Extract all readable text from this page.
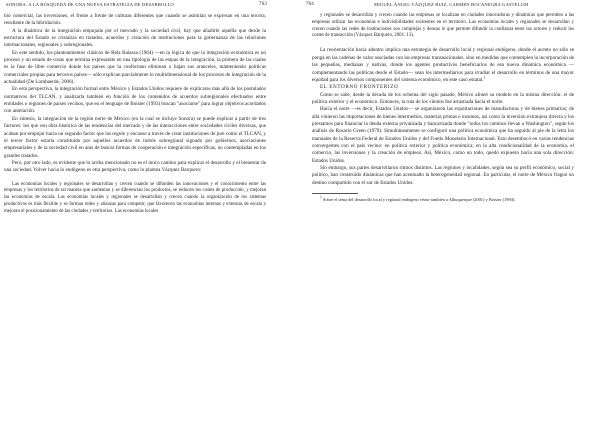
SONORA: A LA BÚSQUEDA DE UNA NUEVA ESTRATEGIA DE DESARROLLO	763

bio comercial, las inversiones, el frente a frente de culturas diferentes que cuando se asimilan se expresan en una tercera, resultante de la hibridación.

A la dinámica de la integración empujada por el mercado y la sociedad civil, hay que añadirle aquélla que desde la estructura del Estado se cristaliza en tratados, acuerdos y creación de instituciones para la gobernanza de las relaciones internacionales, regionales y subregionales.

En este sentido, los planteamientos clásicos de Bela Balassa (1964) —en la lógica de que la integración económica es un proceso y un estado de cosas que termina expresando en una tipología de las etapas de la integración, la primera de las cuales es la fase de libre comercio donde los países que la conforman eliminan o bajan sus aranceles, manteniendo políticas comerciales propias para terceros países— sólo explican parcialmente lo multidimensional de los procesos de integración de la actualidad (De Lombaerde, 2006).

En esta perspectiva, la integración formal entre México y Estados Unidos requiere de explicarse más allá de los postulados normativos del TLCAN, y analizarla también en función de los contenidos de acuerdos subregionales efectuados entre entidades o regiones de países vecinos, que en el lenguaje de Boisier (1993) buscan "asociarse" para lograr objetivos acordados con antelación.

En síntesis, la integración de la región norte de México (en la cual se incluye Sonora) se puede explicar a partir de tres factores: los que son obra histórica de las tendencias del mercado y de las interacciones entre sociedades civiles diversas, que acaban por empujar hacia un segundo factor que las regule y encause a través de crear instituciones de jure como el TLCAN, y el tercer factor estaría constituido por aquellos acuerdos de índole subregional signado por gobiernos, asociaciones empresariales y de la sociedad civil en aras de buscar formas de cooperación e integración específicas, no contempladas en los grandes tratados.

Pero, por otro lado, es evidente que lo arriba mencionado no es el único camino para explicar el desarrollo y el bienestar de una sociedad. Volver hacia lo endógeno es otra perspectiva, como lo plantea Vázquez Barquero:

Las economías locales y regionales se desarrollan y crecen cuando se difunden las innovaciones y el conocimiento entre las empresas y los territorios de tal manera que aumentan y se diferencian los productos, se reducen los costes de producción, y mejoran las economías de escala. Las economías locales y regionales se desarrollan y crecen cuando la organización de los sistemas productivos es más flexible y se forman redes y alianzas para competir, que favorecen las economías internas y externas de escala y mejoran el posicionamiento de las ciudades y territorios. Las economías locales

764	MIGUEL ÁNGEL VÁZQUEZ RUIZ, CARMEN BOCANEGRA GASTELUM

y regionales se desarrollan y crecen cuando las empresas se localizan en ciudades innovadoras y dinámicas que permiten a las empresas utilizar las economías e indivisibilidades existentes en el territorio. Las economías locales y regionales se desarrollan y crecen cuando las redes de instituciones son complejas y densas lo que permite difundir la confianza entre los actores y reducir los costes de transacción (Vázquez Barquero, 2001: 13).

La reorientación hacia adentro implica una estrategia de desarrollo local y regional endógeno, donde el acento no sólo se ponga en las cadenas de valor asociadas con las empresas transnacionales, sino en medidas que contemplen la incorporación de las pequeñas, medianas y nativas, donde los agentes productivos beneficiarios de esa nueva dinámica económica —complementando las políticas desde el Estado— sean los intermediarios para irradiar el desarrollo en términos de una mayor equidad para los diversos componentes del sistema económico, en este caso estatal.$^1$

EL ENTORNO FRONTERIZO

Como se sabe, desde la década de los ochenta del siglo pasado, México alineó su modelo en la misma dirección: el de política exterior y el económico. Entonces, la ruta de los vientos fue arrastrada hacia el norte.

Hacia el norte —es decir, Estados Unidos— se organizaron las exportaciones de manufacturas y de bienes primarios; de allá vinieron las importaciones de bienes intermedios, materias primas e insumos, así como la inversión extranjera directa y los préstamos para financiar la deuda externa privatizada y bancarizada donde "todos los caminos llevan a Washington", según los análisis de Rosario Green (1979). Simultáneamente se configuró una política económica que ha seguido al pie de la letra los manuales de la Reserva Federal de Estados Unidos y del Fondo Monetario Internacional. Esto desembocó en varias tendencias convergentes con el país vecino: en política exterior y política económica; en la alta condicionalidad de la economía, el comercio, las inversiones y la creación de empleos. Así, México, como un todo, quedó expuesto hacia una sola dirección: Estados Unidos.

Sin embargo, sus partes desarrollaron ritmos distintos. Las regiones y localidades, según sea su perfil económico, social y político, han construido dinámicas que han acentuado la heterogeneidad regional. En particular, el norte de México fraguó un destino compartido con el sur de Estados Unidos.

$^1$ Sobre el tema del desarrollo local y regional endógeno véase también a Albuquerque (2001) y Boisier (1994).
